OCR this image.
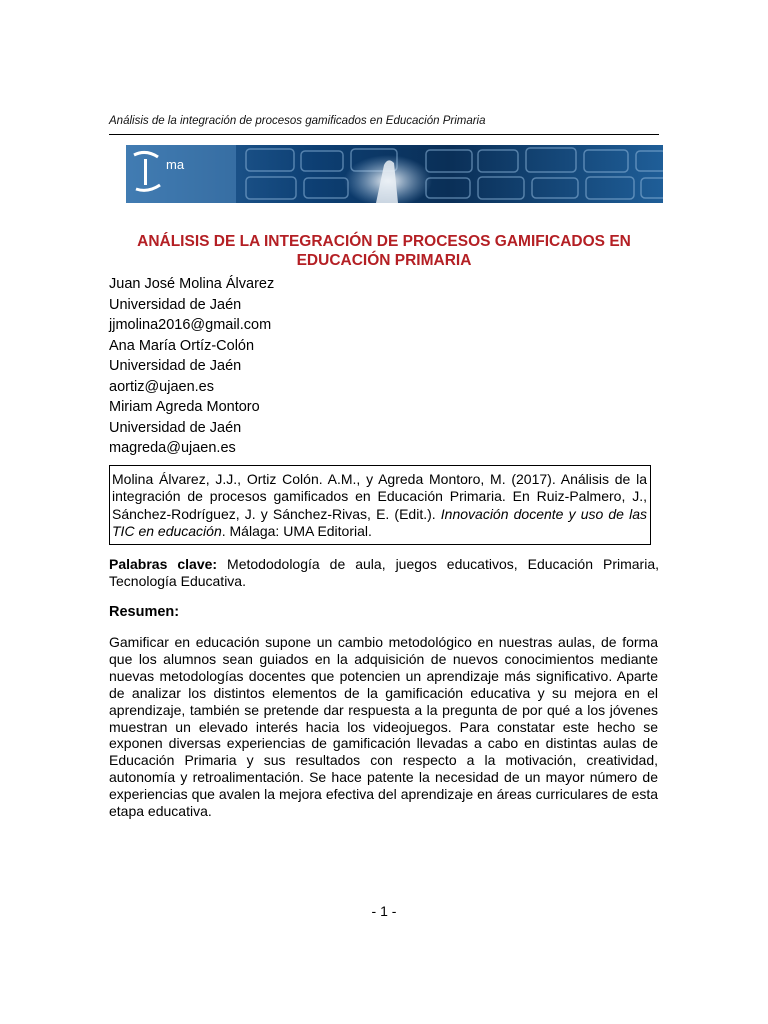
Análisis de la integración de procesos gamificados en Educación Primaria
ma
ANÁLISIS DE LA INTEGRACIÓN DE PROCESOS GAMIFICADOS EN EDUCACIÓN PRIMARIA
Juan José Molina Álvarez
Universidad de Jaén
jjmolina2016@gmail.com
Ana María Ortíz-Colón
Universidad de Jaén
aortiz@ujaen.es
Miriam Agreda Montoro
Universidad de Jaén
magreda@ujaen.es
Molina Álvarez, J.J., Ortiz Colón. A.M., y Agreda Montoro, M. (2017). Análisis de la integración de procesos gamificados en Educación Primaria. En Ruiz-Palmero, J., Sánchez-Rodríguez, J. y Sánchez-Rivas, E. (Edit.). Innovación docente y uso de las TIC en educación. Málaga: UMA Editorial.
Palabras clave: Metododología de aula, juegos educativos, Educación Primaria, Tecnología Educativa.
Resumen:
Gamificar en educación supone un cambio metodológico en nuestras aulas, de forma que los alumnos sean guiados en la adquisición de nuevos conocimientos mediante nuevas metodologías docentes que potencien un aprendizaje más significativo. Aparte de analizar los distintos elementos de la gamificación educativa y su mejora en el aprendizaje, también se pretende dar respuesta a la pregunta de por qué a los jóvenes muestran un elevado interés hacia los videojuegos. Para constatar este hecho se exponen diversas experiencias de gamificación llevadas a cabo en distintas aulas de Educación Primaria y sus resultados con respecto a la motivación, creatividad, autonomía y retroalimentación. Se hace patente la necesidad de un mayor número de experiencias que avalen la mejora efectiva del aprendizaje en áreas curriculares de esta etapa educativa.
- 1 -
